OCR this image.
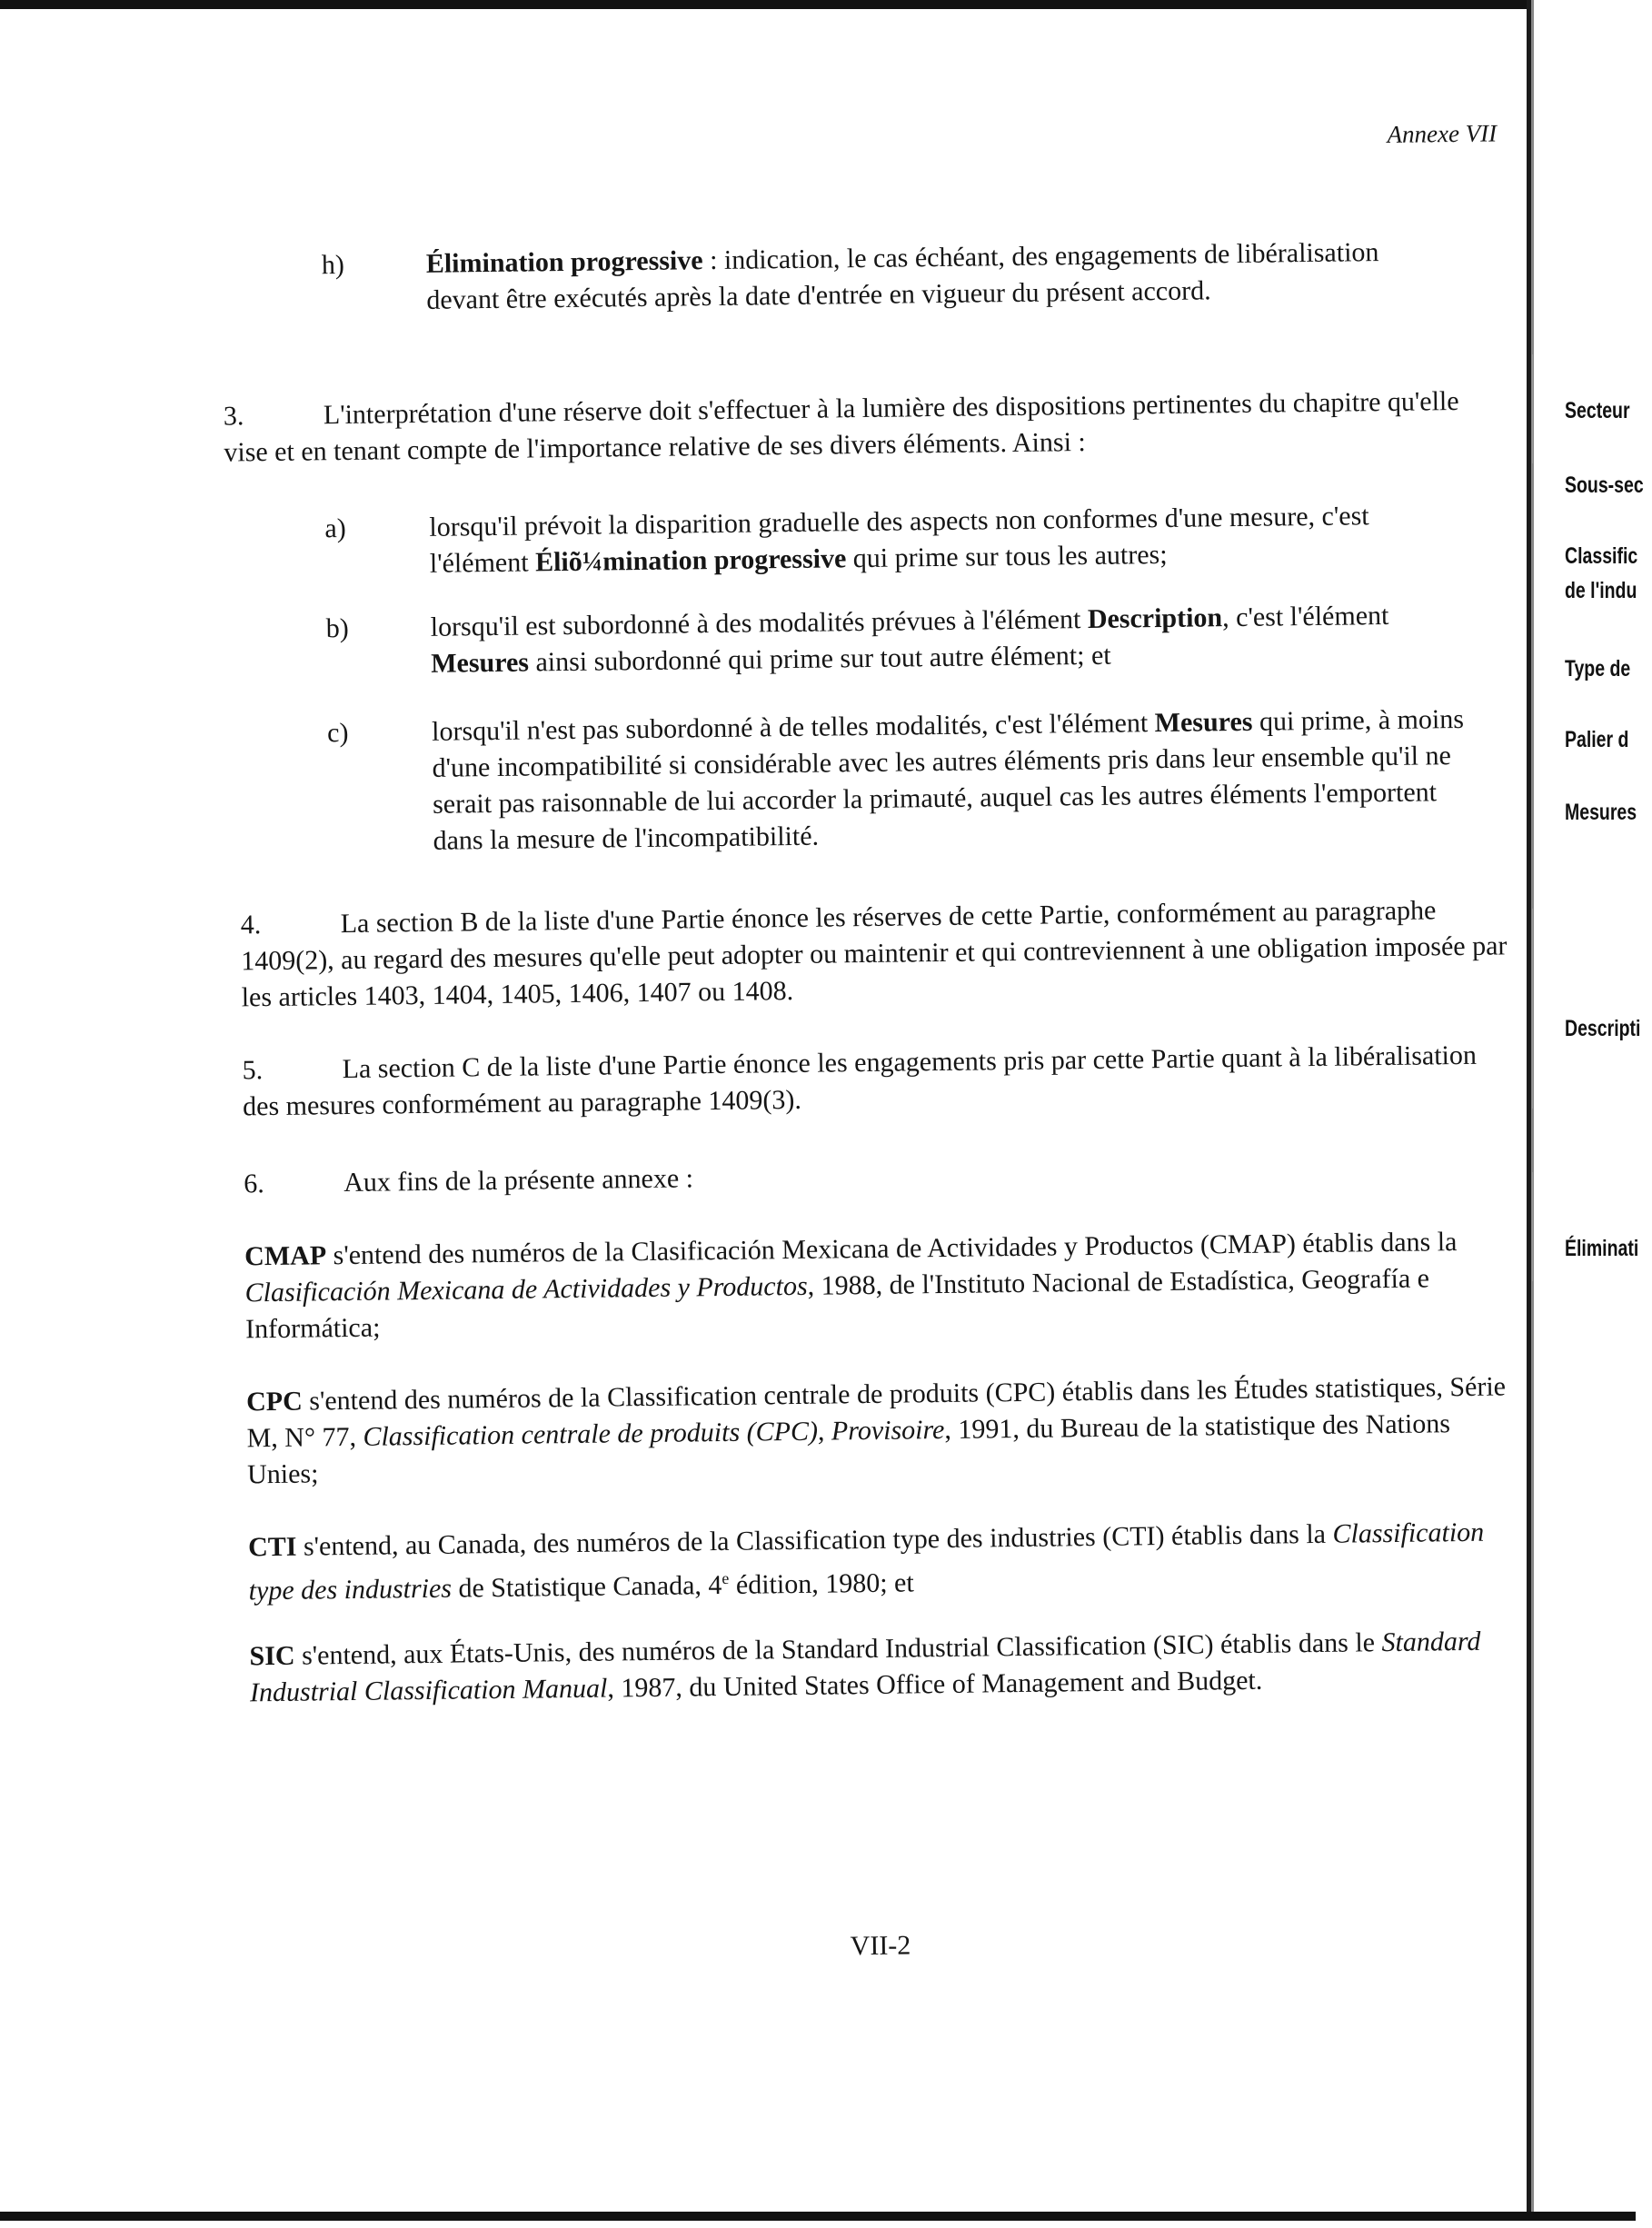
Annexe VII
h)	Élimination progressive : indication, le cas échéant, des engagements de libéralisation devant être exécutés après la date d'entrée en vigueur du présent accord.

3.	L'interprétation d'une réserve doit s'effectuer à la lumière des dispositions pertinentes du chapitre qu'elle vise et en tenant compte de l'importance relative de ses divers éléments. Ainsi :

a)	lorsqu'il prévoit la disparition graduelle des aspects non conformes d'une mesure, c'est l'élément Éliõ¼mination progressive qui prime sur tous les autres;
b)	lorsqu'il est subordonné à des modalités prévues à l'élément Description, c'est l'élément Mesures ainsi subordonné qui prime sur tout autre élément; et
c)	lorsqu'il n'est pas subordonné à de telles modalités, c'est l'élément Mesures qui prime, à moins d'une incompatibilité si considérable avec les autres éléments pris dans leur ensemble qu'il ne serait pas raisonnable de lui accorder la primauté, auquel cas les autres éléments l'emportent dans la mesure de l'incompatibilité.

4.	La section B de la liste d'une Partie énonce les réserves de cette Partie, conformément au paragraphe 1409(2), au regard des mesures qu'elle peut adopter ou maintenir et qui contreviennent à une obligation imposée par les articles 1403, 1404, 1405, 1406, 1407 ou 1408.

5.	La section C de la liste d'une Partie énonce les engagements pris par cette Partie quant à la libéralisation des mesures conformément au paragraphe 1409(3).

6.	Aux fins de la présente annexe :

CMAP s'entend des numéros de la Clasificación Mexicana de Actividades y Productos (CMAP) établis dans la Clasificación Mexicana de Actividades y Productos, 1988, de l'Instituto Nacional de Estadística, Geografía e Informática;

CPC s'entend des numéros de la Classification centrale de produits (CPC) établis dans les Études statistiques, Série M, N° 77, Classification centrale de produits (CPC), Provisoire, 1991, du Bureau de la statistique des Nations Unies;

CTI s'entend, au Canada, des numéros de la Classification type des industries (CTI) établis dans la Classification type des industries de Statistique Canada, 4e édition, 1980; et

SIC s'entend, aux États-Unis, des numéros de la Standard Industrial Classification (SIC) établis dans le Standard Industrial Classification Manual, 1987, du United States Office of Management and Budget.

VII-2
Secteur
Sous-sec
Classific
de l'indu
Type de
Palier d
Mesures
Descripti
Éliminati
